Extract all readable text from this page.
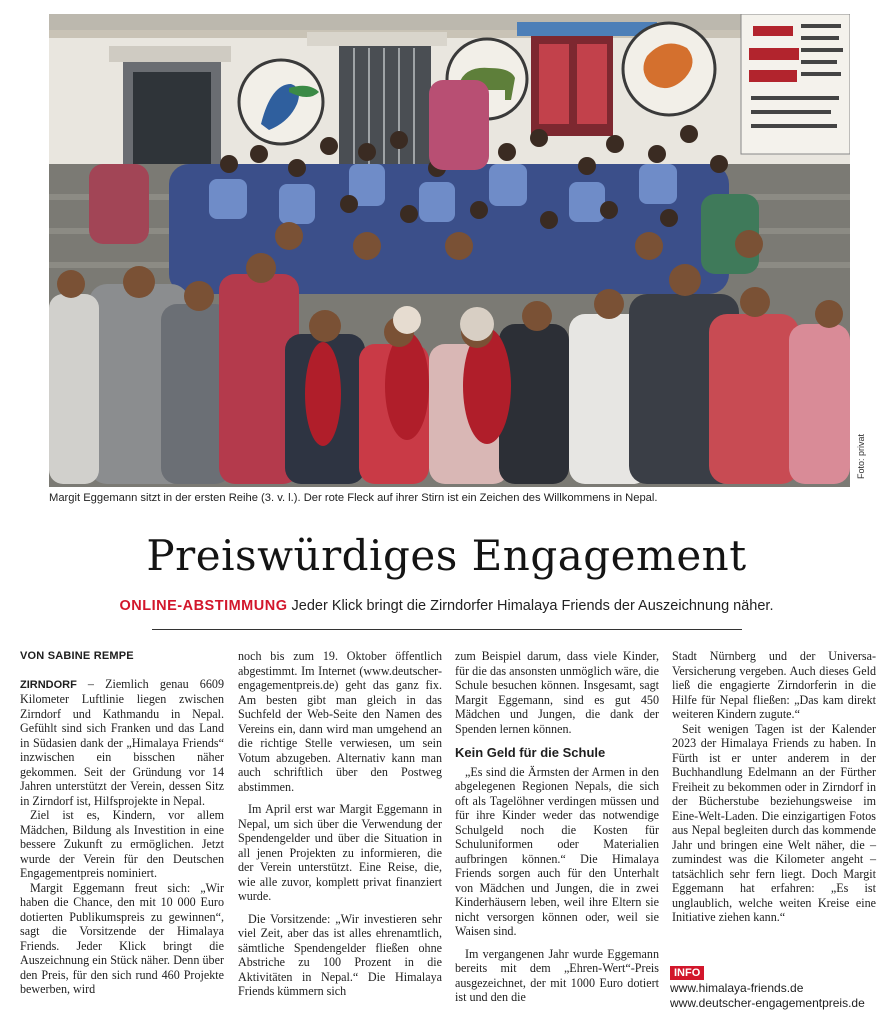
Foto: privat
Margit Eggemann sitzt in der ersten Reihe (3. v. l.). Der rote Fleck auf ihrer Stirn ist ein Zeichen des Willkommens in Nepal.
Preiswürdiges Engagement
ONLINE-ABSTIMMUNG Jeder Klick bringt die Zirndorfer Himalaya Friends der Auszeichnung näher.
VON SABINE REMPE

ZIRNDORF – Ziemlich genau 6609 Kilometer Luftlinie liegen zwischen Zirndorf und Kathmandu in Nepal. Gefühlt sind sich Franken und das Land in Südasien dank der „Himalaya Friends“ inzwischen ein bisschen näher gekommen. Seit der Gründung vor 14 Jahren unterstützt der Verein, dessen Sitz in Zirndorf ist, Hilfsprojekte in Nepal.

Ziel ist es, Kindern, vor allem Mädchen, Bildung als Investition in eine bessere Zukunft zu ermöglichen. Jetzt wurde der Verein für den Deutschen Engagementpreis nominiert.

Margit Eggemann freut sich: „Wir haben die Chance, den mit 10 000 Euro dotierten Publikumspreis zu gewinnen“, sagt die Vorsitzende der Himalaya Friends. Jeder Klick bringt die Auszeichnung ein Stück näher. Denn über den Preis, für den sich rund 460 Projekte bewerben, wird

noch bis zum 19. Oktober öffentlich abgestimmt. Im Internet (www.deutscher-engagementpreis.de) geht das ganz fix. Am besten gibt man gleich in das Suchfeld der Web-Seite den Namen des Vereins ein, dann wird man umgehend an die richtige Stelle verwiesen, um sein Votum abzugeben. Alternativ kann man auch schriftlich über den Postweg abstimmen.

Im April erst war Margit Eggemann in Nepal, um sich über die Verwendung der Spendengelder und über die Situation in all jenen Projekten zu informieren, die der Verein unterstützt. Eine Reise, die, wie alle zuvor, komplett privat finanziert wurde.

Die Vorsitzende: „Wir investieren sehr viel Zeit, aber das ist alles ehrenamtlich, sämtliche Spendengelder fließen ohne Abstriche zu 100 Prozent in die Aktivitäten in Nepal.“ Die Himalaya Friends kümmern sich

zum Beispiel darum, dass viele Kinder, für die das ansonsten unmöglich wäre, die Schule besuchen können. Insgesamt, sagt Margit Eggemann, sind es gut 450 Mädchen und Jungen, die dank der Spenden lernen können.

Kein Geld für die Schule

„Es sind die Ärmsten der Armen in den abgelegenen Regionen Nepals, die sich oft als Tagelöhner verdingen müssen und für ihre Kinder weder das notwendige Schulgeld noch die Kosten für Schuluniformen oder Materialien aufbringen können.“ Die Himalaya Friends sorgen auch für den Unterhalt von Mädchen und Jungen, die in zwei Kinderhäusern leben, weil ihre Eltern sie nicht versorgen können oder, weil sie Waisen sind.

Im vergangenen Jahr wurde Eggemann bereits mit dem „Ehren-Wert“-Preis ausgezeichnet, der mit 1000 Euro dotiert ist und den die

Stadt Nürnberg und der Universa-Versicherung vergeben. Auch dieses Geld ließ die engagierte Zirndorferin in die Hilfe für Nepal fließen: „Das kam direkt weiteren Kindern zugute.“

Seit wenigen Tagen ist der Kalender 2023 der Himalaya Friends zu haben. In Fürth ist er unter anderem in der Buchhandlung Edelmann an der Fürther Freiheit zu bekommen oder in Zirndorf in der Bücherstube beziehungsweise im Eine-Welt-Laden. Die einzigartigen Fotos aus Nepal begleiten durch das kommende Jahr und bringen eine Welt näher, die – zumindest was die Kilometer angeht – tatsächlich sehr fern liegt. Doch Margit Eggemann hat erfahren: „Es ist unglaublich, welche weiten Kreise eine Initiative ziehen kann.“

INFO
www.himalaya-friends.de
www.deutscher-engagementpreis.de
